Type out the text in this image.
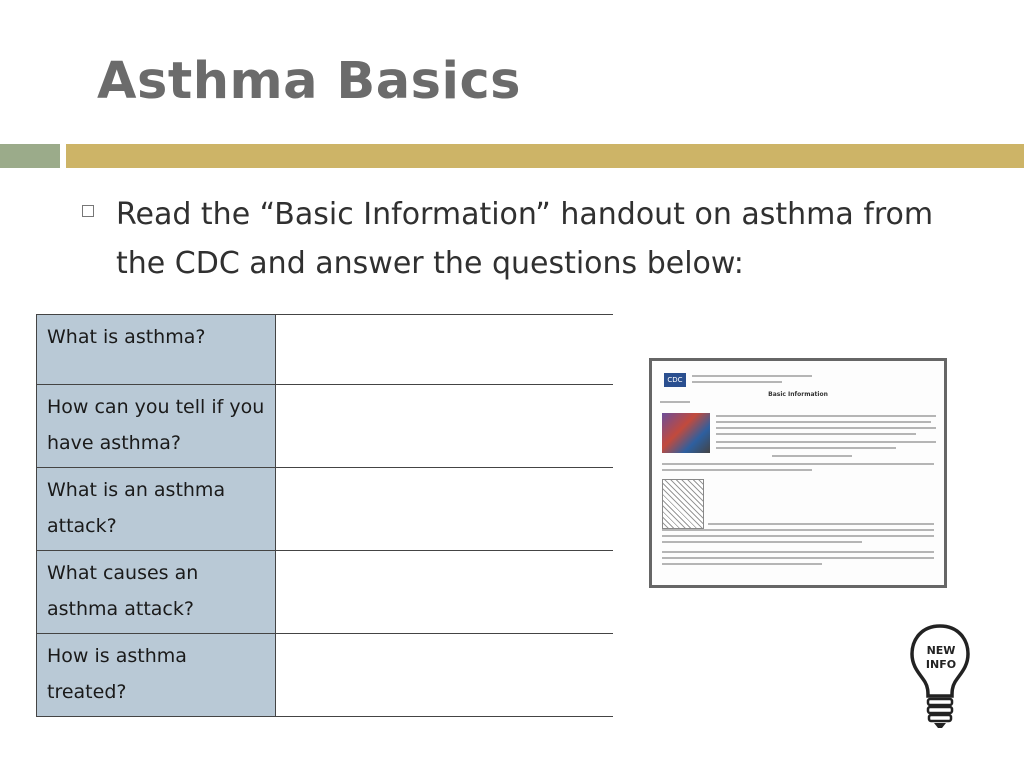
Asthma Basics
Read the “Basic Information” handout on asthma from the CDC and answer the questions below:
What is asthma?	
How can you tell if you have asthma?	
What is an asthma attack?	
What causes an asthma attack?	
How is asthma treated?	
CDC
Basic Information
NEW
INFO
